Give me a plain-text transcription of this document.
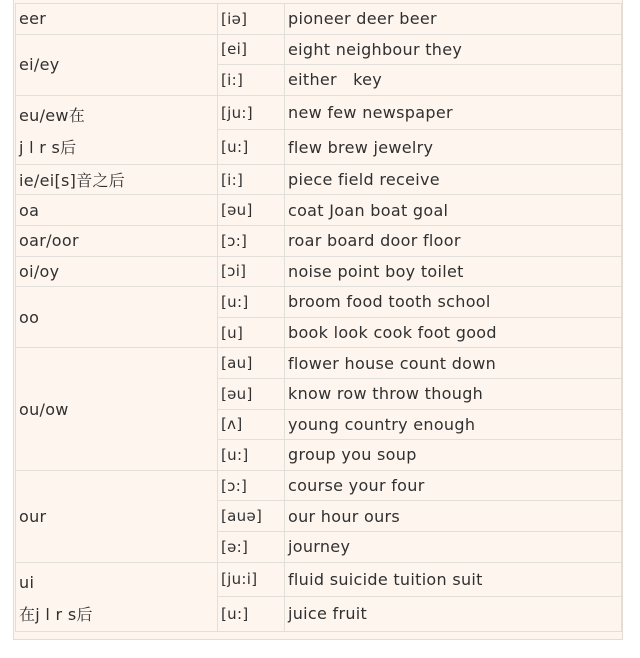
eer	[iə]	pioneer deer beer

ei/ey	[ei]	eight neighbour they
	[i:]	either   key

eu/ew在
j l r s后	[ju:]	new few newspaper
	[u:]	flew brew jewelry

ie/ei[s]音之后	[i:]	piece field receive

oa	[əu]	coat Joan boat goal

oar/oor	[ɔ:]	roar board door floor

oi/oy	[ɔi]	noise point boy toilet

oo	[u:]	broom food tooth school
	[u]	book look cook foot good

ou/ow	[au]	flower house count down
	[əu]	know row throw though
	[ʌ]	young country enough
	[u:]	group you soup

our	[ɔ:]	course your four
	[auə]	our hour ours
	[ə:]	journey

ui
在j l r s后	[ju:i]	fluid suicide tuition suit
	[u:]	juice fruit
